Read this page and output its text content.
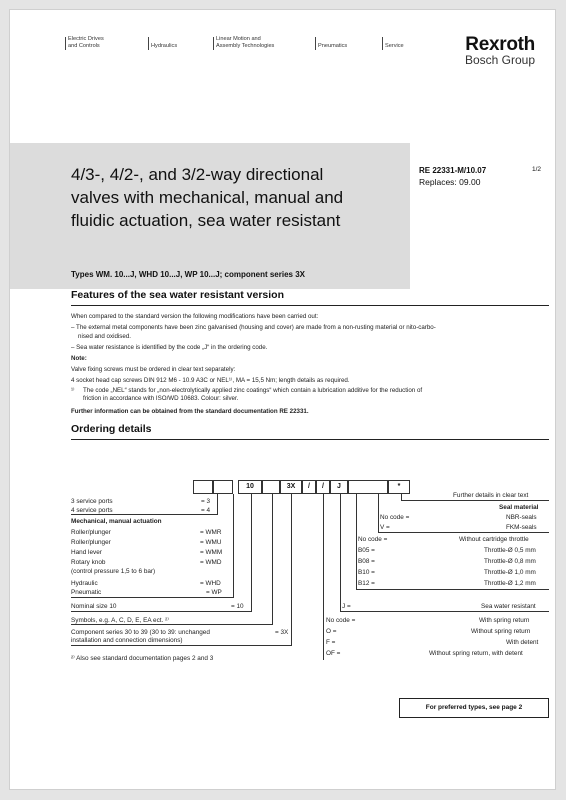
Electric Drives
and Controls	Hydraulics
Linear Motion and
Assembly Technologies	Pneumatics	Service	Rexroth
Bosch Group
4/3-, 4/2-, and 3/2-way directional
valves with mechanical, manual and
fluidic actuation, sea water resistant
Types WM. 10...J, WHD 10...J, WP 10...J; component series 3X
RE 22331-M/10.07
Replaces: 09.00
1/2
Features of the sea water resistant version
When compared to the standard version the following modifications have been carried out:
– The external metal components have been zinc galvanised (housing and cover) are made from a non-rusting material or nito-carbo-
nised and oxidised.
– Sea water resistance is identified by the code „J“ in the ordering code.
Note:
Valve fixing screws must be ordered in clear text separately:
4 socket head cap screws DIN 912 M6 - 10.9 A3C or NEL¹⁾, MA = 15,5 Nm; length details as required.
¹⁾ The code „NEL“ stands for „non-electrolytically applied zinc coatings“ which contain a lubrication additive for the reduction of
friction in accordance with ISO/WD 10683. Colour: silver.
Further information can be obtained from the standard documentation RE 22331.
Ordering details
10	3X	/	/	J	*
3 service ports	= 3
4 service ports	= 4
Mechanical, manual actuation
Roller/plunger	= WMR
Roller/plunger	= WMU
Hand lever	= WMM
Rotary knob	= WMD
(control pressure 1,5 to 6 bar)
Hydraulic	= WHD
Pneumatic	= WP
Nominal size 10	= 10
Symbols, e.g. A, C, D, E, EA ect. ²⁾
Component series 30 to 39 (30 to 39: unchanged
installation and connection dimensions)
= 3X
²⁾ Also see standard documentation pages 2 and 3
Further details in clear text
Seal material
No code =	NBR-seals
V =	FKM-seals
No code =	Without cartridge throttle
B05 =	Throttle-Ø 0,5 mm
B08 =	Throttle-Ø 0,8 mm
B10 =	Throttle-Ø 1,0 mm
B12 =	Throttle-Ø 1,2 mm
J =	Sea water resistant
No code =	With spring return
O =	Without spring return
F =	With detent
OF =	Without spring return, with detent
For preferred types, see page 2
